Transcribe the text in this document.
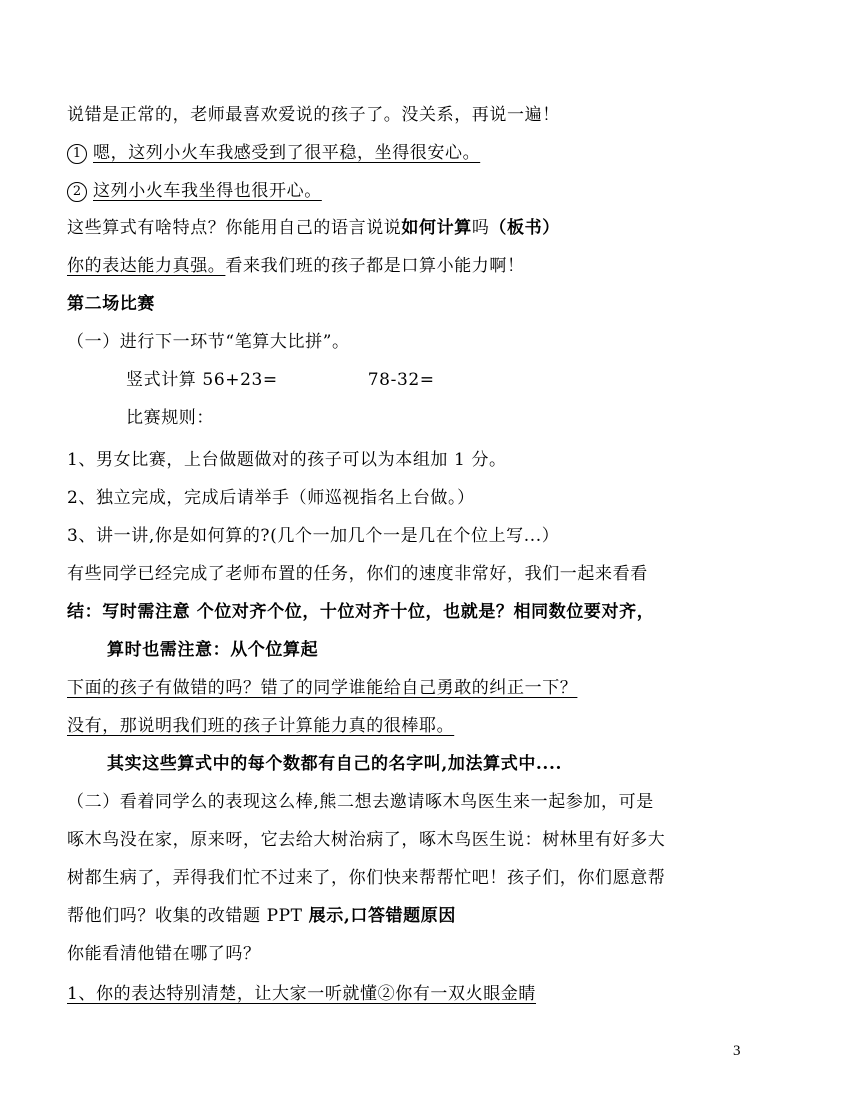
说错是正常的，老师最喜欢爱说的孩子了。没关系，再说一遍！
1 嗯，这列小火车我感受到了很平稳，坐得很安心。
2 这列小火车我坐得也很开心。
这些算式有啥特点？你能用自己的语言说说如何计算吗（板书）
你的表达能力真强。看来我们班的孩子都是口算小能力啊！
第二场比赛
（一）进行下一环节“笔算大比拼”。
竖式计算 56+23=	78-32=
比赛规则：
1、男女比赛，上台做题做对的孩子可以为本组加 1 分。
2、独立完成，完成后请举手（师巡视指名上台做。）
3、讲一讲,你是如何算的?(几个一加几个一是几在个位上写...）
有些同学已经完成了老师布置的任务，你们的速度非常好，我们一起来看看
结：写时需注意 个位对齐个位，十位对齐十位，也就是？相同数位要对齐，
算时也需注意：从个位算起
下面的孩子有做错的吗？错了的同学谁能给自己勇敢的纠正一下？
没有，那说明我们班的孩子计算能力真的很棒耶。
其实这些算式中的每个数都有自己的名字叫,加法算式中....
（二）看着同学么的表现这么棒,熊二想去邀请啄木鸟医生来一起参加，可是
啄木鸟没在家，原来呀，它去给大树治病了，啄木鸟医生说：树林里有好多大
树都生病了，弄得我们忙不过来了，你们快来帮帮忙吧！孩子们，你们愿意帮
帮他们吗？收集的改错题 PPT 展示,口答错题原因
你能看清他错在哪了吗？
1、你的表达特别清楚，让大家一听就懂②你有一双火眼金睛
3
